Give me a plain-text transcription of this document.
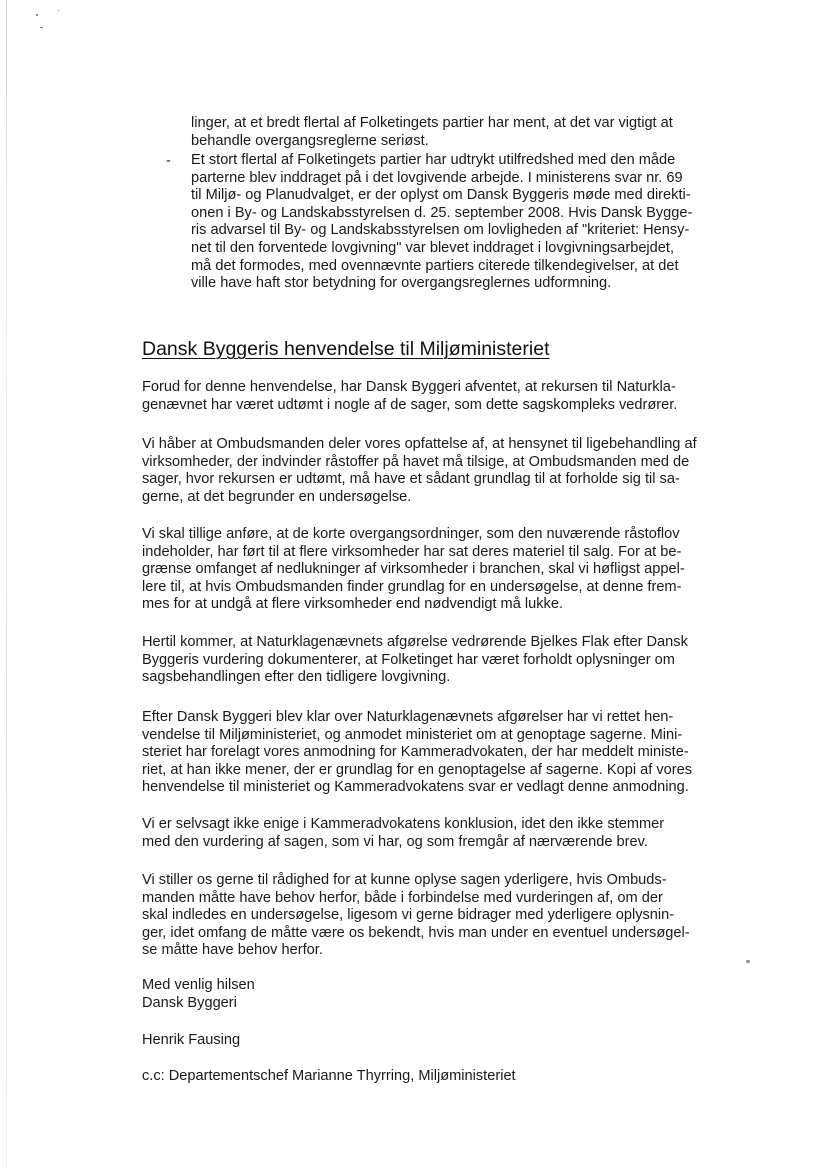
linger, at et bredt flertal af Folketingets partier har ment, at det var vigtigt at
behandle overgangsreglerne seriøst.
- Et stort flertal af Folketingets partier har udtrykt utilfredshed med den måde
parterne blev inddraget på i det lovgivende arbejde. I ministerens svar nr. 69
til Miljø- og Planudvalget, er der oplyst om Dansk Byggeris møde med direkti-
onen i By- og Landskabsstyrelsen d. 25. september 2008. Hvis Dansk Bygge-
ris advarsel til By- og Landskabsstyrelsen om lovligheden af "kriteriet: Hensy-
net til den forventede lovgivning" var blevet inddraget i lovgivningsarbejdet,
må det formodes, med ovennævnte partiers citerede tilkendegivelser, at det
ville have haft stor betydning for overgangsreglernes udformning.
Dansk Byggeris henvendelse til Miljøministeriet
Forud for denne henvendelse, har Dansk Byggeri afventet, at rekursen til Naturkla-
genævnet har været udtømt i nogle af de sager, som dette sagskompleks vedrører.
Vi håber at Ombudsmanden deler vores opfattelse af, at hensynet til ligebehandling af
virksomheder, der indvinder råstoffer på havet må tilsige, at Ombudsmanden med de
sager, hvor rekursen er udtømt, må have et sådant grundlag til at forholde sig til sa-
gerne, at det begrunder en undersøgelse.
Vi skal tillige anføre, at de korte overgangsordninger, som den nuværende råstoflov
indeholder, har ført til at flere virksomheder har sat deres materiel til salg. For at be-
grænse omfanget af nedlukninger af virksomheder i branchen, skal vi høfligst appel-
lere til, at hvis Ombudsmanden finder grundlag for en undersøgelse, at denne frem-
mes for at undgå at flere virksomheder end nødvendigt må lukke.
Hertil kommer, at Naturklagenævnets afgørelse vedrørende Bjelkes Flak efter Dansk
Byggeris vurdering dokumenterer, at Folketinget har været forholdt oplysninger om
sagsbehandlingen efter den tidligere lovgivning.
Efter Dansk Byggeri blev klar over Naturklagenævnets afgørelser har vi rettet hen-
vendelse til Miljøministeriet, og anmodet ministeriet om at genoptage sagerne. Mini-
steriet har forelagt vores anmodning for Kammeradvokaten, der har meddelt ministe-
riet, at han ikke mener, der er grundlag for en genoptagelse af sagerne. Kopi af vores
henvendelse til ministeriet og Kammeradvokatens svar er vedlagt denne anmodning.
Vi er selvsagt ikke enige i Kammeradvokatens konklusion, idet den ikke stemmer
med den vurdering af sagen, som vi har, og som fremgår af nærværende brev.
Vi stiller os gerne til rådighed for at kunne oplyse sagen yderligere, hvis Ombuds-
manden måtte have behov herfor, både i forbindelse med vurderingen af, om der
skal indledes en undersøgelse, ligesom vi gerne bidrager med yderligere oplysnin-
ger, idet omfang de måtte være os bekendt, hvis man under en eventuel undersøgel-
se måtte have behov herfor.
Med venlig hilsen
Dansk Byggeri
Henrik Fausing
c.c: Departementschef Marianne Thyrring, Miljøministeriet
